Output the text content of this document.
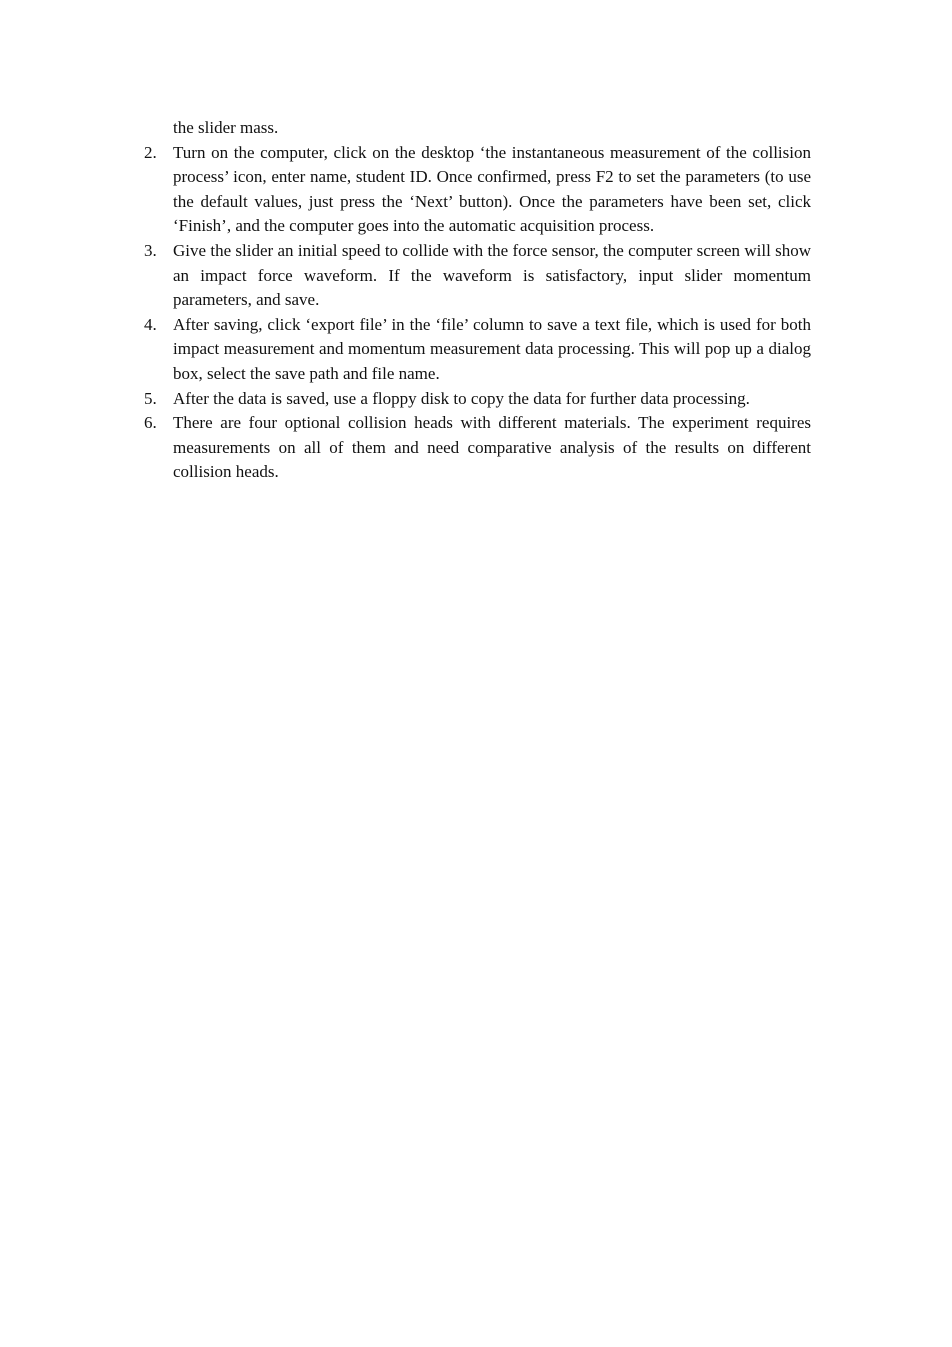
the slider mass.

2. Turn on the computer, click on the desktop ‘the instantaneous measurement of the collision process’ icon, enter name, student ID. Once confirmed, press F2 to set the parameters (to use the default values, just press the ‘Next’ button). Once the parameters have been set, click ‘Finish’, and the computer goes into the automatic acquisition process.
3. Give the slider an initial speed to collide with the force sensor, the computer screen will show an impact force waveform. If the waveform is satisfactory, input slider momentum parameters, and save.
4. After saving, click ‘export file’ in the ‘file’ column to save a text file, which is used for both impact measurement and momentum measurement data processing. This will pop up a dialog box, select the save path and file name.
5. After the data is saved, use a floppy disk to copy the data for further data processing.
6. There are four optional collision heads with different materials. The experiment requires measurements on all of them and need comparative analysis of the results on different collision heads.
